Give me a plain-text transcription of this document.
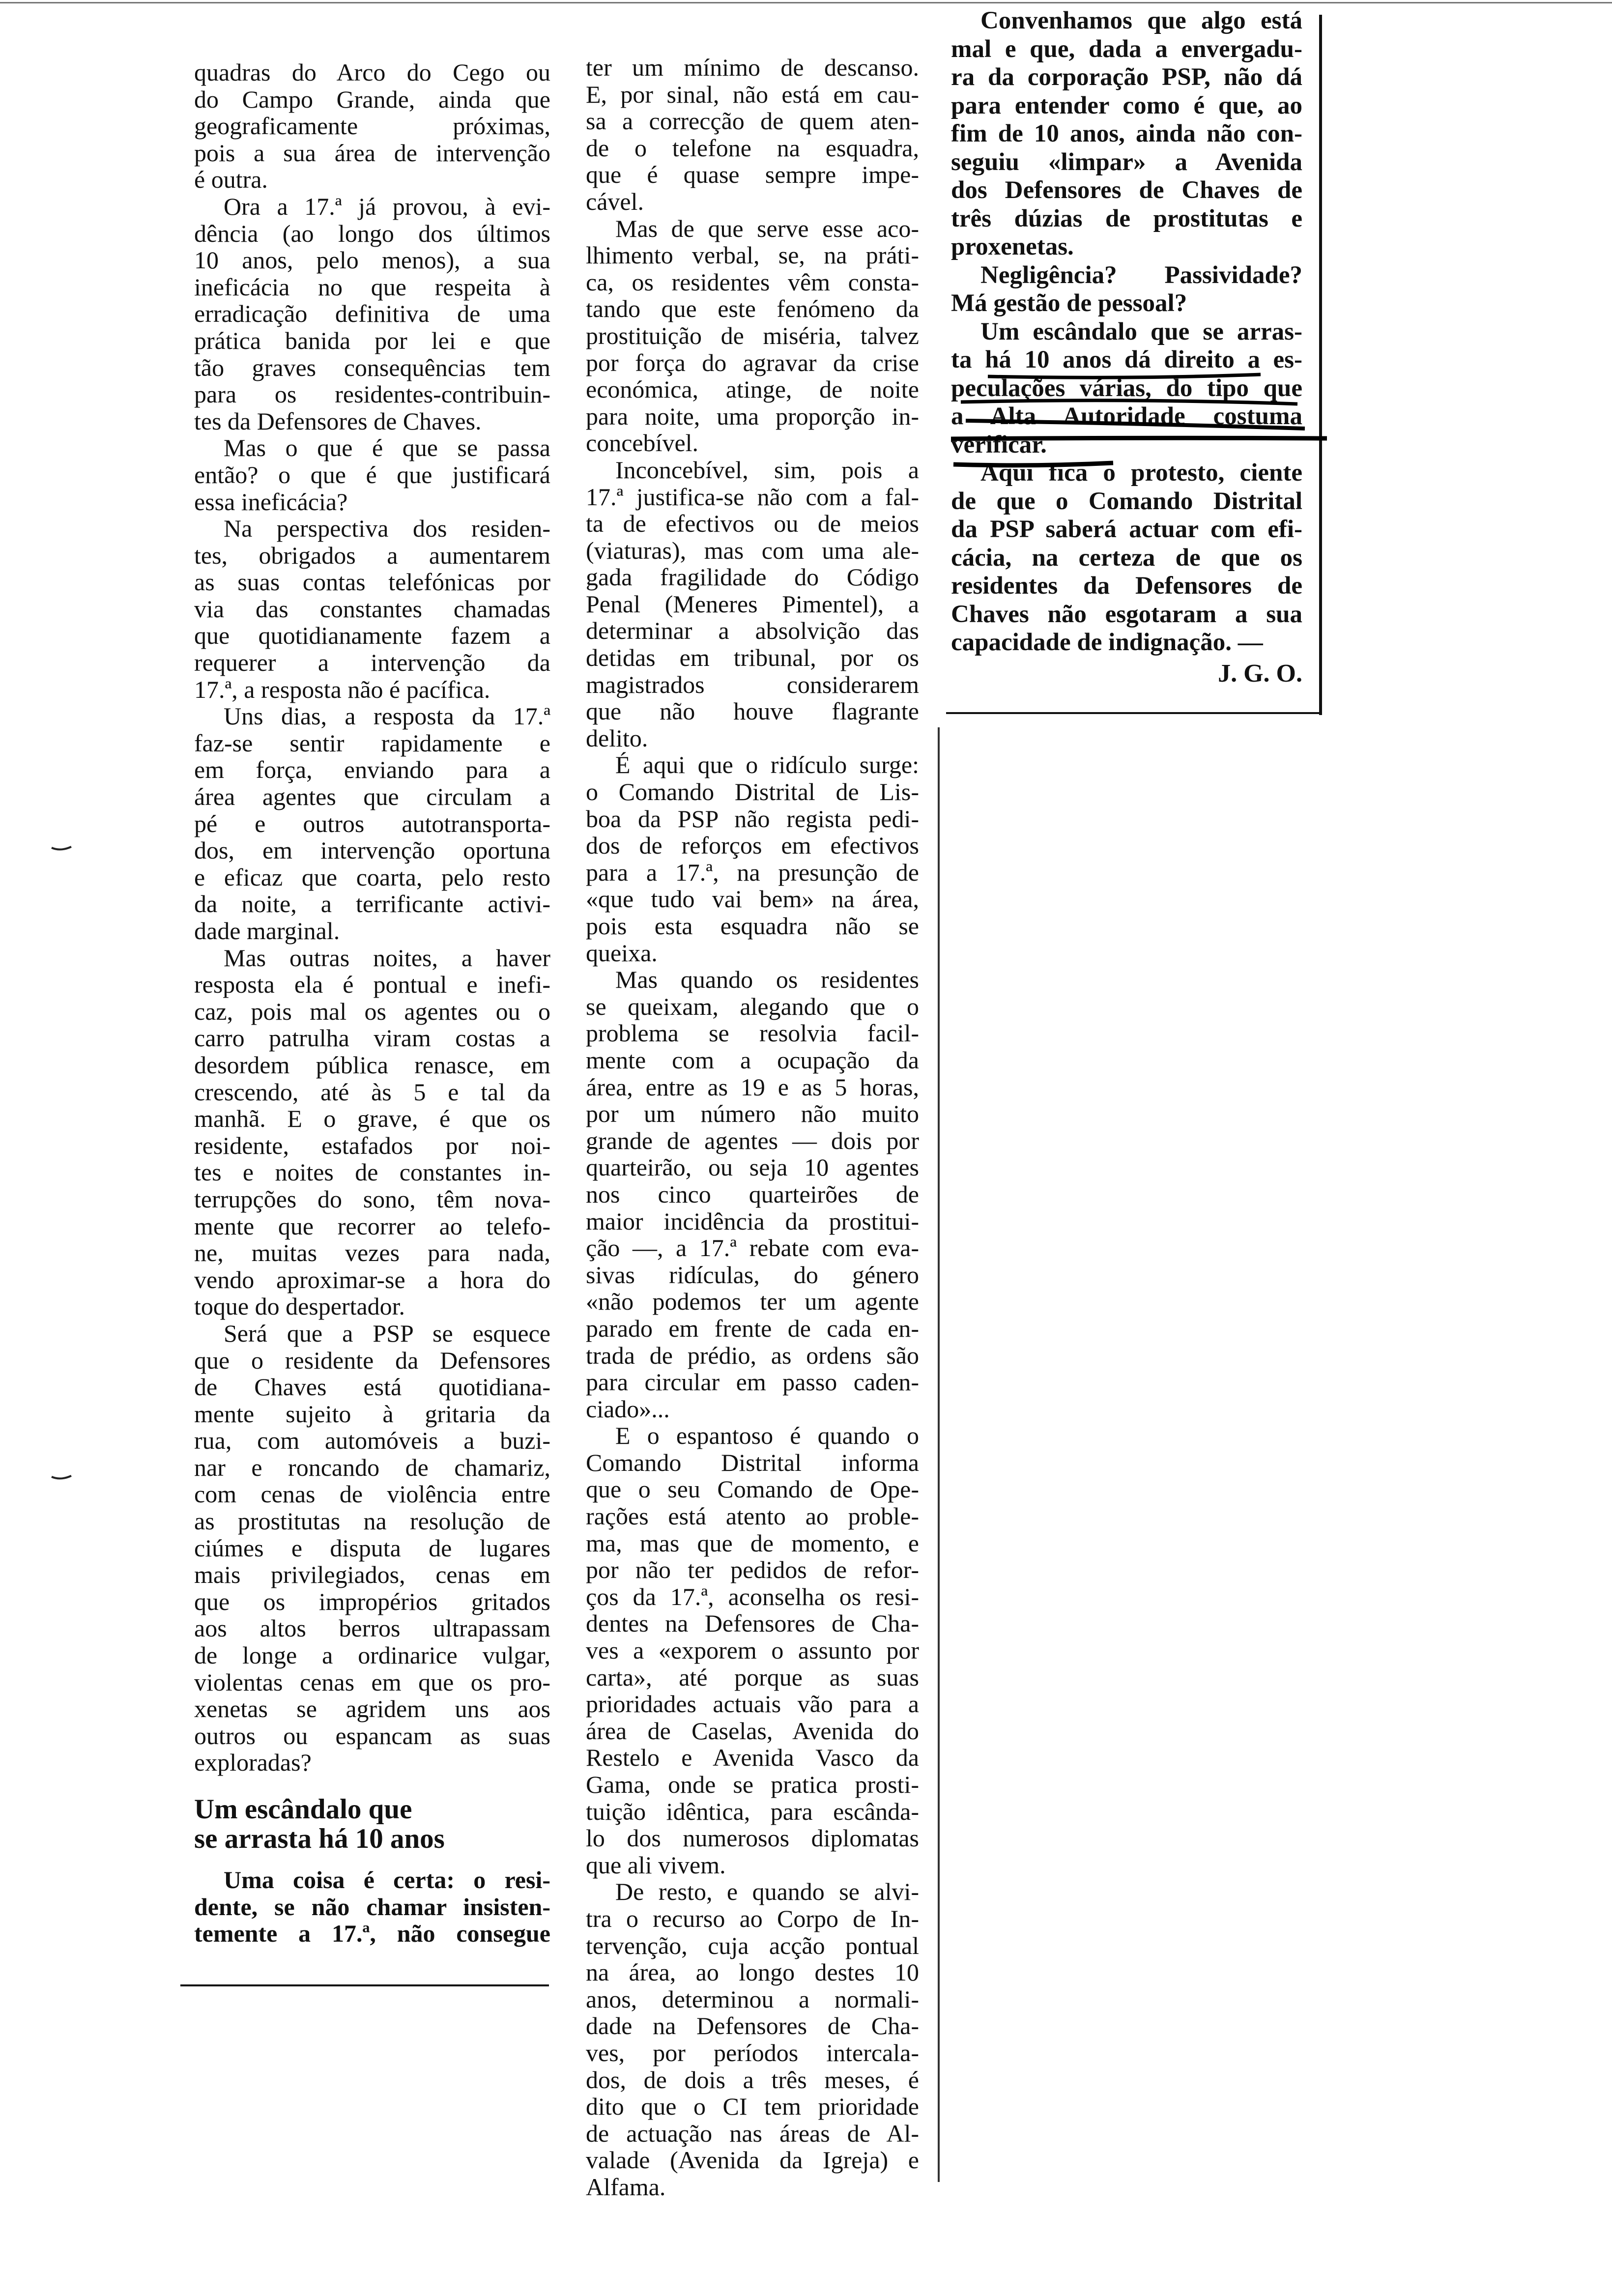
quadras do Arco do Cego ou
do Campo Grande, ainda que
geograficamente próximas,
pois a sua área de intervenção
é outra.
Ora a 17.ª já provou, à evi-
dência (ao longo dos últimos
10 anos, pelo menos), a sua
ineficácia no que respeita à
erradicação definitiva de uma
prática banida por lei e que
tão graves consequências tem
para os residentes-contribuin-
tes da Defensores de Chaves.
Mas o que é que se passa
então? o que é que justificará
essa ineficácia?
Na perspectiva dos residen-
tes, obrigados a aumentarem
as suas contas telefónicas por
via das constantes chamadas
que quotidianamente fazem a
requerer a intervenção da
17.ª, a resposta não é pacífica.
Uns dias, a resposta da 17.ª
faz-se sentir rapidamente e
em força, enviando para a
área agentes que circulam a
pé e outros autotransporta-
dos, em intervenção oportuna
e eficaz que coarta, pelo resto
da noite, a terrificante activi-
dade marginal.
Mas outras noites, a haver
resposta ela é pontual e inefi-
caz, pois mal os agentes ou o
carro patrulha viram costas a
desordem pública renasce, em
crescendo, até às 5 e tal da
manhã. E o grave, é que os
residente, estafados por noi-
tes e noites de constantes in-
terrupções do sono, têm nova-
mente que recorrer ao telefo-
ne, muitas vezes para nada,
vendo aproximar-se a hora do
toque do despertador.
Será que a PSP se esquece
que o residente da Defensores
de Chaves está quotidiana-
mente sujeito à gritaria da
rua, com automóveis a buzi-
nar e roncando de chamariz,
com cenas de violência entre
as prostitutas na resolução de
ciúmes e disputa de lugares
mais privilegiados, cenas em
que os impropérios gritados
aos altos berros ultrapassam
de longe a ordinarice vulgar,
violentas cenas em que os pro-
xenetas se agridem uns aos
outros ou espancam as suas
exploradas?
Um escândalo que
se arrasta há 10 anos
Uma coisa é certa: o resi-
dente, se não chamar insisten-
temente a 17.ª, não consegue
ter um mínimo de descanso.
E, por sinal, não está em cau-
sa a correcção de quem aten-
de o telefone na esquadra,
que é quase sempre impe-
cável.
Mas de que serve esse aco-
lhimento verbal, se, na práti-
ca, os residentes vêm consta-
tando que este fenómeno da
prostituição de miséria, talvez
por força do agravar da crise
económica, atinge, de noite
para noite, uma proporção in-
concebível.
Inconcebível, sim, pois a
17.ª justifica-se não com a fal-
ta de efectivos ou de meios
(viaturas), mas com uma ale-
gada fragilidade do Código
Penal (Meneres Pimentel), a
determinar a absolvição das
detidas em tribunal, por os
magistrados considerarem
que não houve flagrante
delito.
É aqui que o ridículo surge:
o Comando Distrital de Lis-
boa da PSP não regista pedi-
dos de reforços em efectivos
para a 17.ª, na presunção de
«que tudo vai bem» na área,
pois esta esquadra não se
queixa.
Mas quando os residentes
se queixam, alegando que o
problema se resolvia facil-
mente com a ocupação da
área, entre as 19 e as 5 horas,
por um número não muito
grande de agentes — dois por
quarteirão, ou seja 10 agentes
nos cinco quarteirões de
maior incidência da prostitui-
ção —, a 17.ª rebate com eva-
sivas ridículas, do género
«não podemos ter um agente
parado em frente de cada en-
trada de prédio, as ordens são
para circular em passo caden-
ciado»...
E o espantoso é quando o
Comando Distrital informa
que o seu Comando de Ope-
rações está atento ao proble-
ma, mas que de momento, e
por não ter pedidos de refor-
ços da 17.ª, aconselha os resi-
dentes na Defensores de Cha-
ves a «exporem o assunto por
carta», até porque as suas
prioridades actuais vão para a
área de Caselas, Avenida do
Restelo e Avenida Vasco da
Gama, onde se pratica prosti-
tuição idêntica, para escânda-
lo dos numerosos diplomatas
que ali vivem.
De resto, e quando se alvi-
tra o recurso ao Corpo de In-
tervenção, cuja acção pontual
na área, ao longo destes 10
anos, determinou a normali-
dade na Defensores de Cha-
ves, por períodos intercala-
dos, de dois a três meses, é
dito que o CI tem prioridade
de actuação nas áreas de Al-
valade (Avenida da Igreja) e
Alfama.
Convenhamos que algo está
mal e que, dada a envergadu-
ra da corporação PSP, não dá
para entender como é que, ao
fim de 10 anos, ainda não con-
seguiu «limpar» a Avenida
dos Defensores de Chaves de
três dúzias de prostitutas e
proxenetas.
Negligência? Passividade?
Má gestão de pessoal?
Um escândalo que se arras-
ta há 10 anos dá direito a es-
peculações várias, do tipo que
a Alta Autoridade costuma
verificar.
Aqui fica o protesto, ciente
de que o Comando Distrital
da PSP saberá actuar com efi-
cácia, na certeza de que os
residentes da Defensores de
Chaves não esgotaram a sua
capacidade de indignação. —
J. G. O.
